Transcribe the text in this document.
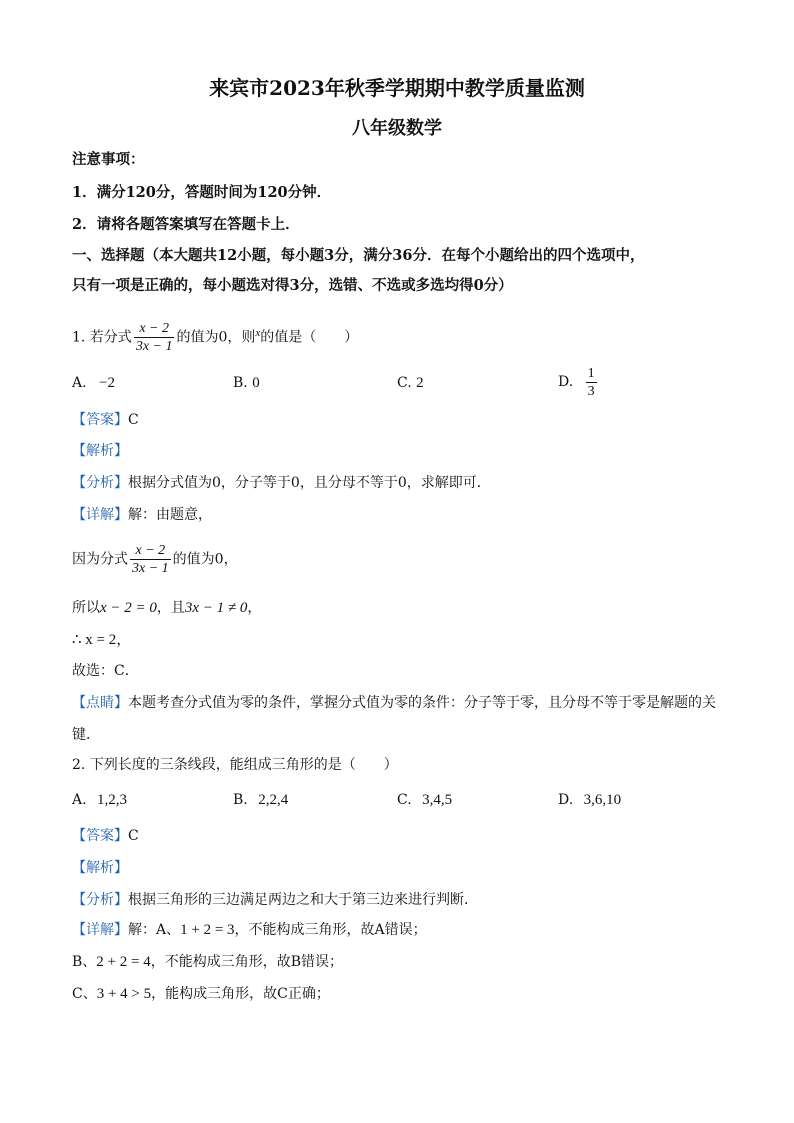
来宾市2023年秋季学期期中教学质量监测
八年级数学
注意事项：
1．满分120分，答题时间为120分钟．
2．请将各题答案填写在答题卡上．
一、选择题（本大题共12小题，每小题3分，满分36分．在每个小题给出的四个选项中，
只有一项是正确的，每小题选对得3分，选错、不选或多选均得0分）
1. 若分式 $\frac{x - 2}{3x - 1}$ 的值为0，则$^x$的值是（　　）
A. −2	B. 0	C. 2	D. $\frac{1}{3}$
【答案】C
【解析】
【分析】根据分式值为0，分子等于0，且分母不等于0，求解即可．
【详解】解：由题意，
因为分式 $\frac{x - 2}{3x - 1}$ 的值为0，
所以x − 2 = 0，且3x − 1 ≠ 0，
∴ x = 2，
故选：C．
【点睛】本题考查分式值为零的条件，掌握分式值为零的条件：分子等于零，且分母不等于零是解题的关
键．
2. 下列长度的三条线段，能组成三角形的是（　　）
A. 1,2,3	B. 2,2,4	C. 3,4,5	D. 3,6,10
【答案】C
【解析】
【分析】根据三角形的三边满足两边之和大于第三边来进行判断．
【详解】解：A、1 + 2 = 3，不能构成三角形，故A错误；
B、2 + 2 = 4，不能构成三角形，故B错误；
C、3 + 4 > 5，能构成三角形，故C正确；
